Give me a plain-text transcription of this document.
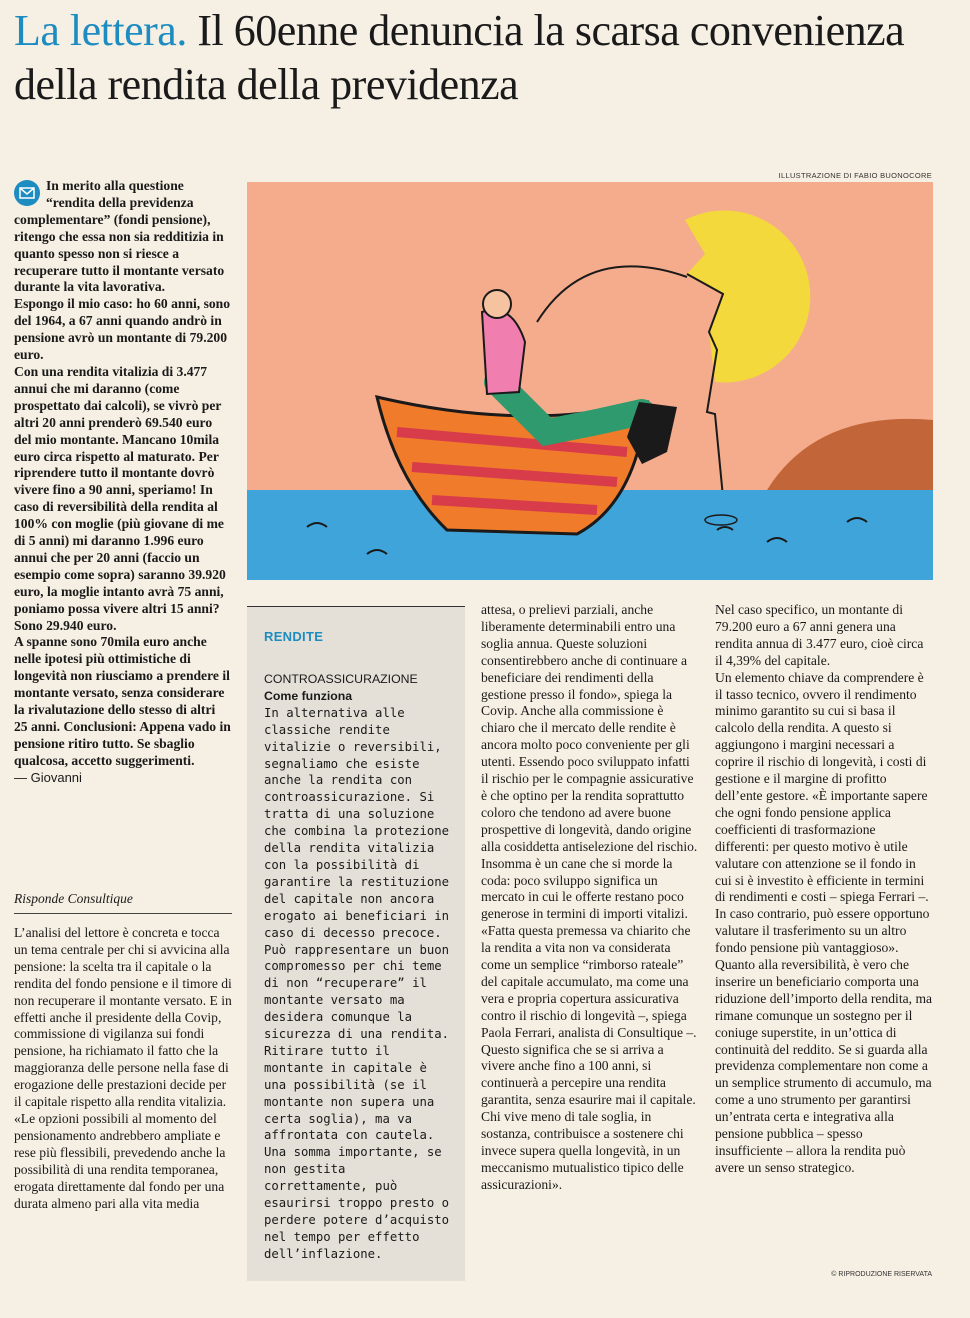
La lettera. Il 60enne denuncia la scarsa convenienza della rendita della previdenza
ILLUSTRAZIONE DI FABIO BUONOCORE

In merito alla questione “rendita della previdenza complementare” (fondi pensione), ritengo che essa non sia redditizia in quanto spesso non si riesce a recuperare tutto il montante versato durante la vita lavorativa.

Espongo il mio caso: ho 60 anni, sono del 1964, a 67 anni quando andrò in pensione avrò un montante di 79.200 euro.

Con una rendita vitalizia di 3.477 annui che mi daranno (come prospettato dai calcoli), se vivrò per altri 20 anni prenderò 69.540 euro del mio montante. Mancano 10mila euro circa rispetto al maturato. Per riprendere tutto il montante dovrò vivere fino a 90 anni, speriamo! In caso di reversibilità della rendita al 100% con moglie (più giovane di me di 5 anni) mi daranno 1.996 euro annui che per 20 anni (faccio un esempio come sopra) saranno 39.920 euro, la moglie intanto avrà 75 anni, poniamo possa vivere altri 15 anni? Sono 29.940 euro.

A spanne sono 70mila euro anche nelle ipotesi più ottimistiche di longevità non riusciamo a prendere il montante versato, senza considerare la rivalutazione dello stesso di altri 25 anni. Conclusioni: Appena vado in pensione ritiro tutto. Se sbaglio qualcosa, accetto suggerimenti.

— Giovanni
Risponde Consultique

L’analisi del lettore è concreta e tocca un tema centrale per chi si avvicina alla pensione: la scelta tra il capitale o la rendita del fondo pensione e il timore di non recuperare il montante versato. E in effetti anche il presidente della Covip, commissione di vigilanza sui fondi pensione, ha richiamato il fatto che la maggioranza delle persone nella fase di erogazione delle prestazioni decide per il capitale rispetto alla rendita vitalizia. «Le opzioni possibili al momento del pensionamento andrebbero ampliate e rese più flessibili, prevedendo anche la possibilità di una rendita temporanea, erogata direttamente dal fondo per una durata almeno pari alla vita media

RENDITE

CONTROASSICURAZIONE

Come funziona

In alternativa alle classiche rendite vitalizie o reversibili, segnaliamo che esiste anche la rendita con controassicurazione. Si tratta di una soluzione che combina la protezione della rendita vitalizia con la possibilità di garantire la restituzione del capitale non ancora erogato ai beneficiari in caso di decesso precoce.

Può rappresentare un buon compromesso per chi teme di non “recuperare” il montante versato ma desidera comunque la sicurezza di una rendita.

Ritirare tutto il montante in capitale è una possibilità (se il montante non supera una certa soglia), ma va affrontata con cautela. Una somma importante, se non gestita correttamente, può esaurirsi troppo presto o perdere potere d’acquisto nel tempo per effetto dell’inflazione.

attesa, o prelievi parziali, anche liberamente determinabili entro una soglia annua. Queste soluzioni consentirebbero anche di continuare a beneficiare dei rendimenti della gestione presso il fondo», spiega la Covip. Anche alla commissione è chiaro che il mercato delle rendite è ancora molto poco conveniente per gli utenti. Essendo poco sviluppato infatti il rischio per le compagnie assicurative è che optino per la rendita soprattutto coloro che tendono ad avere buone prospettive di longevità, dando origine alla cosiddetta antiselezione del rischio. Insomma è un cane che si morde la coda: poco sviluppo significa un mercato in cui le offerte restano poco generose in termini di importi vitalizi.

«Fatta questa premessa va chiarito che la rendita a vita non va considerata come un semplice “rimborso rateale” del capitale accumulato, ma come una vera e propria copertura assicurativa contro il rischio di longevità –, spiega Paola Ferrari, analista di Consultique –. Questo significa che se si arriva a vivere anche fino a 100 anni, si continuerà a percepire una rendita garantita, senza esaurire mai il capitale. Chi vive meno di tale soglia, in sostanza, contribuisce a sostenere chi invece supera quella longevità, in un meccanismo mutualistico tipico delle assicurazioni».

Nel caso specifico, un montante di 79.200 euro a 67 anni genera una rendita annua di 3.477 euro, cioè circa il 4,39% del capitale.

Un elemento chiave da comprendere è il tasso tecnico, ovvero il rendimento minimo garantito su cui si basa il calcolo della rendita. A questo si aggiungono i margini necessari a coprire il rischio di longevità, i costi di gestione e il margine di profitto dell’ente gestore. «È importante sapere che ogni fondo pensione applica coefficienti di trasformazione differenti: per questo motivo è utile valutare con attenzione se il fondo in cui si è investito è efficiente in termini di rendimenti e costi – spiega Ferrari –. In caso contrario, può essere opportuno valutare il trasferimento su un altro fondo pensione più vantaggioso».

Quanto alla reversibilità, è vero che inserire un beneficiario comporta una riduzione dell’importo della rendita, ma rimane comunque un sostegno per il coniuge superstite, in un’ottica di continuità del reddito. Se si guarda alla previdenza complementare non come a un semplice strumento di accumulo, ma come a uno strumento per garantirsi un’entrata certa e integrativa alla pensione pubblica – spesso insufficiente – allora la rendita può avere un senso strategico.

© RIPRODUZIONE RISERVATA
